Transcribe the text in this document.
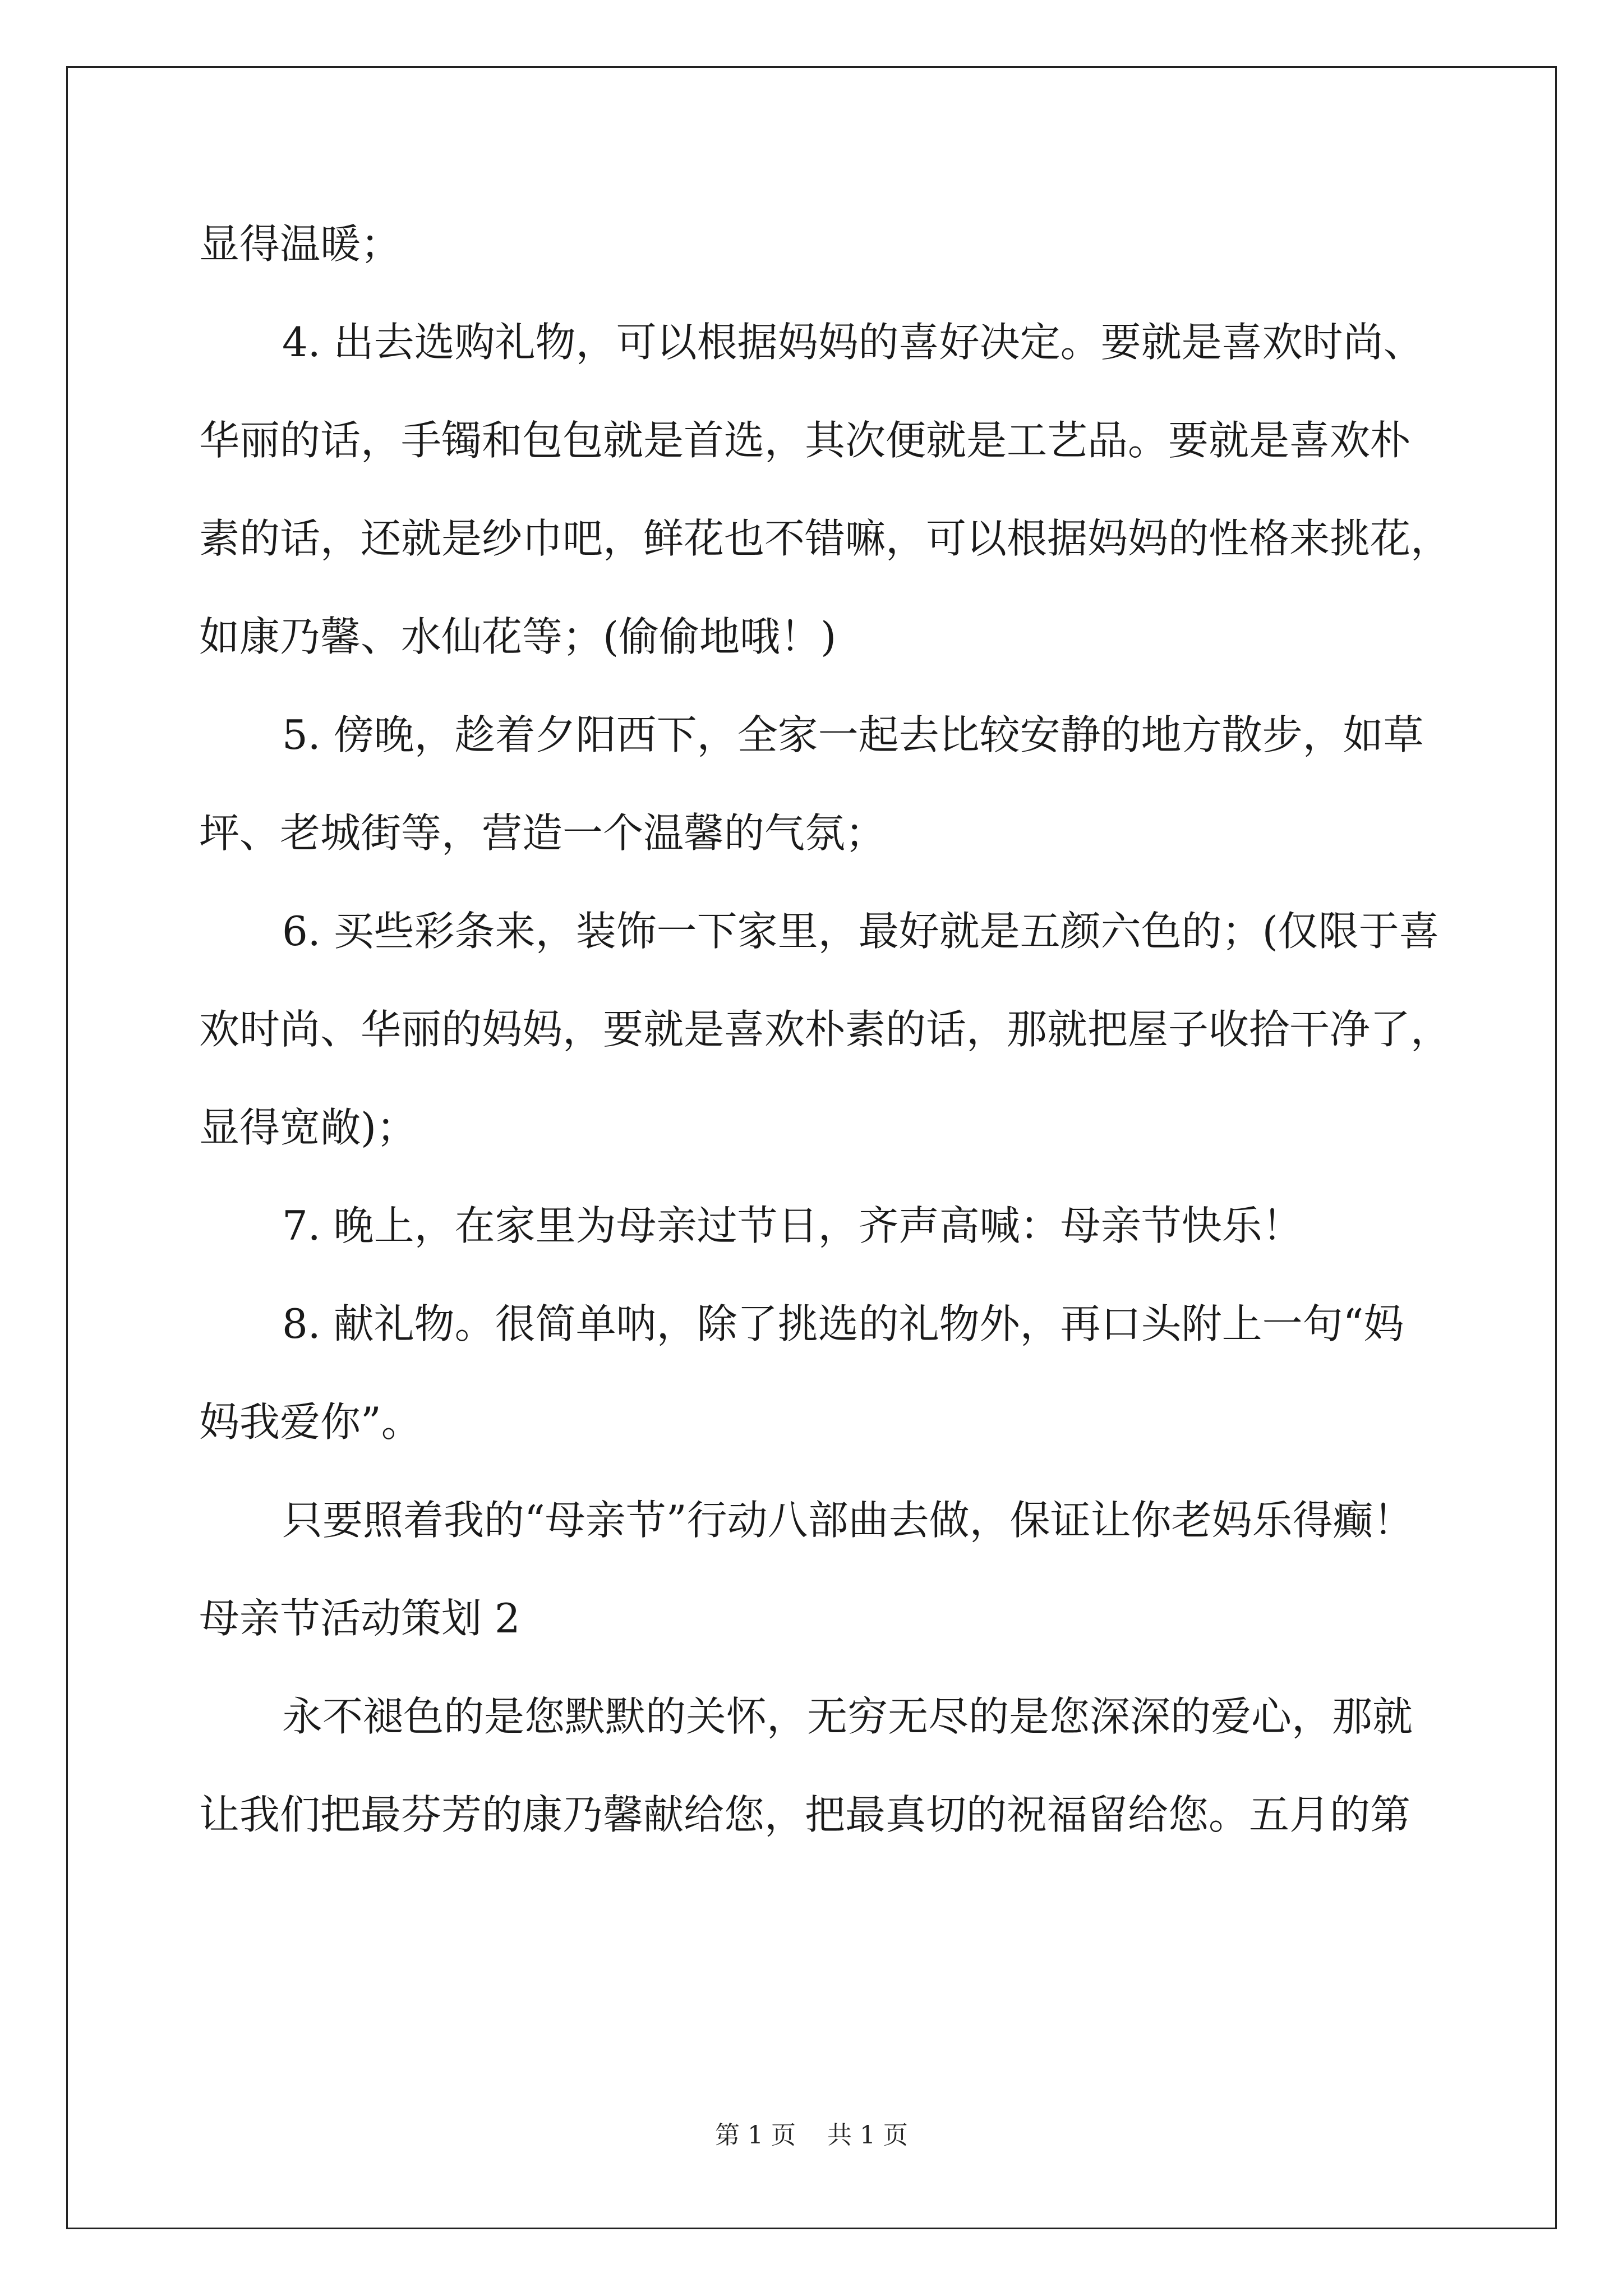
显得温暖；
4. 出去选购礼物，可以根据妈妈的喜好决定。要就是喜欢时尚、
华丽的话，手镯和包包就是首选，其次便就是工艺品。要就是喜欢朴
素的话，还就是纱巾吧，鲜花也不错嘛，可以根据妈妈的性格来挑花，
如康乃馨、水仙花等；(偷偷地哦！)
5. 傍晚，趁着夕阳西下，全家一起去比较安静的地方散步，如草
坪、老城街等，营造一个温馨的气氛；
6. 买些彩条来，装饰一下家里，最好就是五颜六色的；(仅限于喜
欢时尚、华丽的妈妈，要就是喜欢朴素的话，那就把屋子收拾干净了，
显得宽敞)；
7. 晚上，在家里为母亲过节日，齐声高喊：母亲节快乐！
8. 献礼物。很简单呐，除了挑选的礼物外，再口头附上一句“妈
妈我爱你”。
只要照着我的“母亲节”行动八部曲去做，保证让你老妈乐得癫！
母亲节活动策划 2
永不褪色的是您默默的关怀，无穷无尽的是您深深的爱心，那就
让我们把最芬芳的康乃馨献给您，把最真切的祝福留给您。五月的第
第 1 页    共 1 页
